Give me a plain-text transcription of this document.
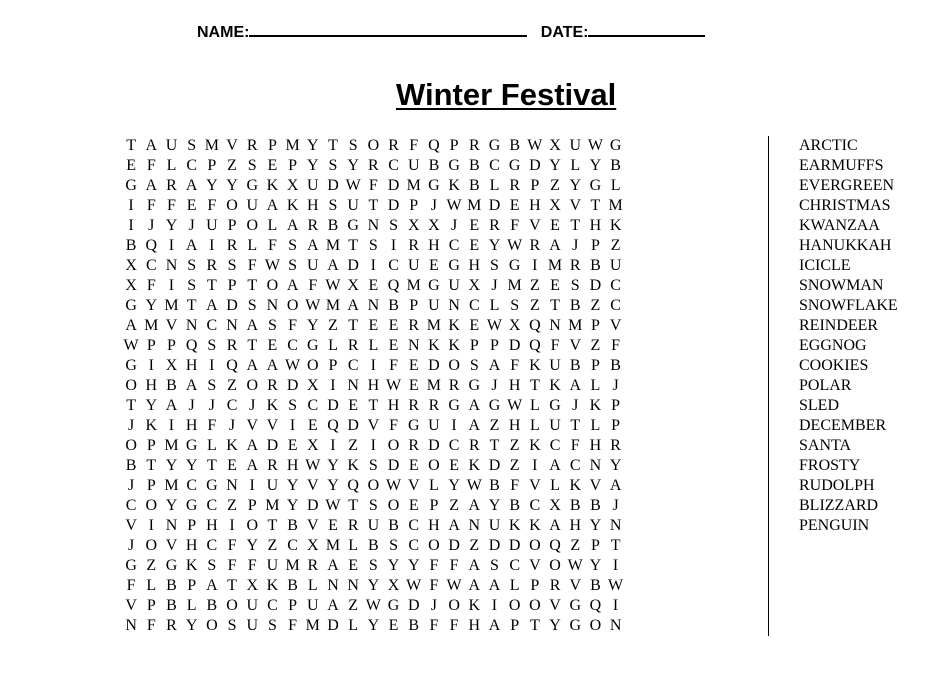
NAME:	DATE:
Winter Festival
T A U S M V R P M Y T S O R F Q P R G B W X U W G
E F L C P Z S E P Y S Y R C U B G B C G D Y L Y B
G A R A Y Y G K X U D W F D M G K B L R P Z Y G L
I F F E F O U A K H S U T D P J W M D E H X V T M
I J Y J U P O L A R B G N S X X J E R F V E T H K
B Q I A I R L F S A M T S I R H C E Y W R A J P Z
X C N S R S F W S U A D I C U E G H S G I M R B U
X F I S T P T O A F W X E Q M G U X J M Z E S D C
G Y M T A D S N O W M A N B P U N C L S Z T B Z C
A M V N C N A S F Y Z T E E R M K E W X Q N M P V
W P P Q S R T E C G L R L E N K K P P D Q F V Z F
G I X H I Q A A W O P C I F E D O S A F K U B P B
O H B A S Z O R D X I N H W E M R G J H T K A L J
T Y A J J C J K S C D E T H R R G A G W L G J K P
J K I H F J V V I E Q D V F G U I A Z H L U T L P
O P M G L K A D E X I Z I O R D C R T Z K C F H R
B T Y Y T E A R H W Y K S D E O E K D Z I A C N Y
J P M C G N I U Y V Y Q O W V L Y W B F V L K V A
C O Y G C Z P M Y D W T S O E P Z A Y B C X B B J
V I N P H I O T B V E R U B C H A N U K K A H Y N
J O V H C F Y Z C X M L B S C O D Z D D O Q Z P T
G Z G K S F F U M R A E S Y Y F F A S C V O W Y I
F L B P A T X K B L N N Y X W F W A A L P R V B W
V P B L B O U C P U A Z W G D J O K I O O V G Q I
N F R Y O S U S F M D L Y E B F F H A P T Y G O N
ARCTIC
EARMUFFS
EVERGREEN
CHRISTMAS
KWANZAA
HANUKKAH
ICICLE
SNOWMAN
SNOWFLAKE
REINDEER
EGGNOG
COOKIES
POLAR
SLED
DECEMBER
SANTA
FROSTY
RUDOLPH
BLIZZARD
PENGUIN
